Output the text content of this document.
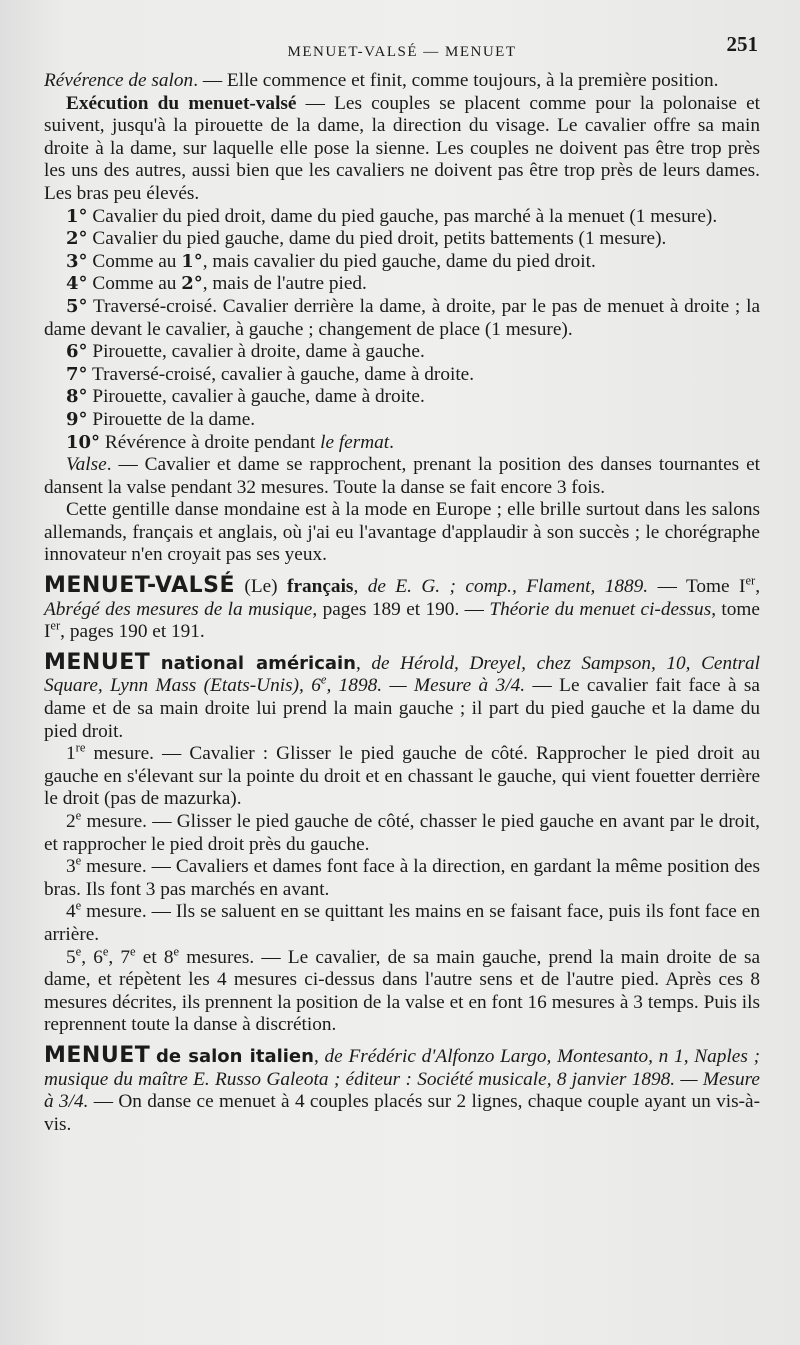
MENUET-VALSÉ — MENUET	251

Révérence de salon. — Elle commence et finit, comme toujours, à la première position.

Exécution du menuet-valsé — Les couples se placent comme pour la polonaise et suivent, jusqu'à la pirouette de la dame, la direction du visage. Le cavalier offre sa main droite à la dame, sur laquelle elle pose la sienne. Les couples ne doivent pas être trop près les uns des autres, aussi bien que les cavaliers ne doivent pas être trop près de leurs dames. Les bras peu élevés.

1° Cavalier du pied droit, dame du pied gauche, pas marché à la menuet (1 mesure).

2° Cavalier du pied gauche, dame du pied droit, petits battements (1 mesure).

3° Comme au 1°, mais cavalier du pied gauche, dame du pied droit.

4° Comme au 2°, mais de l'autre pied.

5° Traversé-croisé. Cavalier derrière la dame, à droite, par le pas de menuet à droite ; la dame devant le cavalier, à gauche ; changement de place (1 mesure).

6° Pirouette, cavalier à droite, dame à gauche.

7° Traversé-croisé, cavalier à gauche, dame à droite.

8° Pirouette, cavalier à gauche, dame à droite.

9° Pirouette de la dame.

10° Révérence à droite pendant le fermat.

Valse. — Cavalier et dame se rapprochent, prenant la position des danses tournantes et dansent la valse pendant 32 mesures. Toute la danse se fait encore 3 fois.

Cette gentille danse mondaine est à la mode en Europe ; elle brille surtout dans les salons allemands, français et anglais, où j'ai eu l'avantage d'applaudir à son succès ; le chorégraphe innovateur n'en croyait pas ses yeux.

MENUET-VALSÉ (Le) français, de E. G. ; comp., Flament, 1889. — Tome Ier, Abrégé des mesures de la musique, pages 189 et 190. — Théorie du menuet ci-dessus, tome Ier, pages 190 et 191.

MENUET national américain, de Hérold, Dreyel, chez Sampson, 10, Central Square, Lynn Mass (Etats-Unis), 6e, 1898. — Mesure à 3/4. — Le cavalier fait face à sa dame et de sa main droite lui prend la main gauche ; il part du pied gauche et la dame du pied droit.

1re mesure. — Cavalier : Glisser le pied gauche de côté. Rapprocher le pied droit au gauche en s'élevant sur la pointe du droit et en chassant le gauche, qui vient fouetter derrière le droit (pas de mazurka).

2e mesure. — Glisser le pied gauche de côté, chasser le pied gauche en avant par le droit, et rapprocher le pied droit près du gauche.

3e mesure. — Cavaliers et dames font face à la direction, en gardant la même position des bras. Ils font 3 pas marchés en avant.

4e mesure. — Ils se saluent en se quittant les mains en se faisant face, puis ils font face en arrière.

5e, 6e, 7e et 8e mesures. — Le cavalier, de sa main gauche, prend la main droite de sa dame, et répètent les 4 mesures ci-dessus dans l'autre sens et de l'autre pied. Après ces 8 mesures décrites, ils prennent la position de la valse et en font 16 mesures à 3 temps. Puis ils reprennent toute la danse à discrétion.

MENUET de salon italien, de Frédéric d'Alfonzo Largo, Montesanto, n 1, Naples ; musique du maître E. Russo Galeota ; éditeur : Société musicale, 8 janvier 1898. — Mesure à 3/4. — On danse ce menuet à 4 couples placés sur 2 lignes, chaque couple ayant un vis-à-vis.
